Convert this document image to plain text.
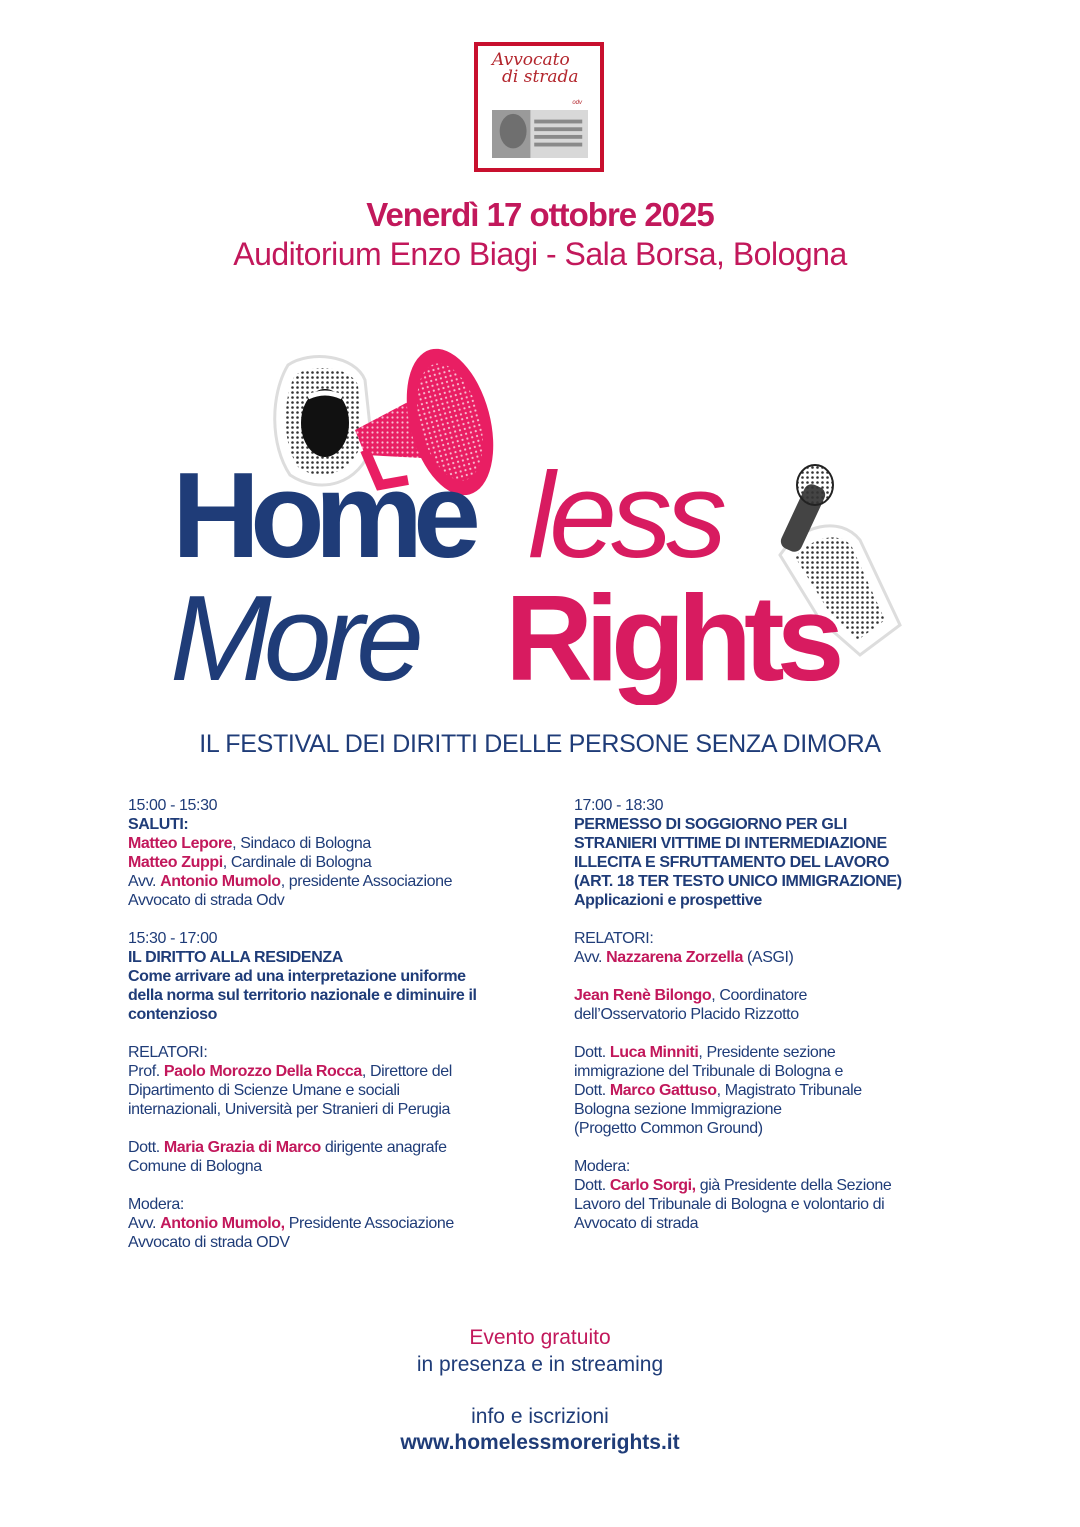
Avvocato
di strada
odv
Venerdì 17 ottobre 2025
Auditorium Enzo Biagi - Sala Borsa, Bologna
Home less
More Rights
IL FESTIVAL DEI DIRITTI DELLE PERSONE SENZA DIMORA

15:00 - 15:30

SALUTI:

Matteo Lepore, Sindaco di Bologna

Matteo Zuppi, Cardinale di Bologna

Avv. Antonio Mumolo, presidente Associazione

Avvocato di strada Odv

15:30 - 17:00

IL DIRITTO ALLA RESIDENZA

Come arrivare ad una interpretazione uniforme

della norma sul territorio nazionale e diminuire il

contenzioso

RELATORI:

Prof. Paolo Morozzo Della Rocca, Direttore del

Dipartimento di Scienze Umane e sociali

internazionali, Università per Stranieri di Perugia

Dott. Maria Grazia di Marco dirigente anagrafe

Comune di Bologna

Modera:

Avv. Antonio Mumolo, Presidente Associazione

Avvocato di strada ODV

17:00 - 18:30

PERMESSO DI SOGGIORNO PER GLI

STRANIERI VITTIME DI INTERMEDIAZIONE

ILLECITA E SFRUTTAMENTO DEL LAVORO

(ART. 18 TER TESTO UNICO IMMIGRAZIONE)

Applicazioni e prospettive

RELATORI:

Avv. Nazzarena Zorzella (ASGI)

Jean Renè Bilongo, Coordinatore

dell’Osservatorio Placido Rizzotto

Dott. Luca Minniti, Presidente sezione

immigrazione del Tribunale di Bologna e

Dott. Marco Gattuso, Magistrato Tribunale

Bologna sezione Immigrazione

(Progetto Common Ground)

Modera:

Dott. Carlo Sorgi, già Presidente della Sezione

Lavoro del Tribunale di Bologna e volontario di

Avvocato di strada

Evento gratuito
in presenza e in streaming
info e iscrizioni
www.homelessmorerights.it
